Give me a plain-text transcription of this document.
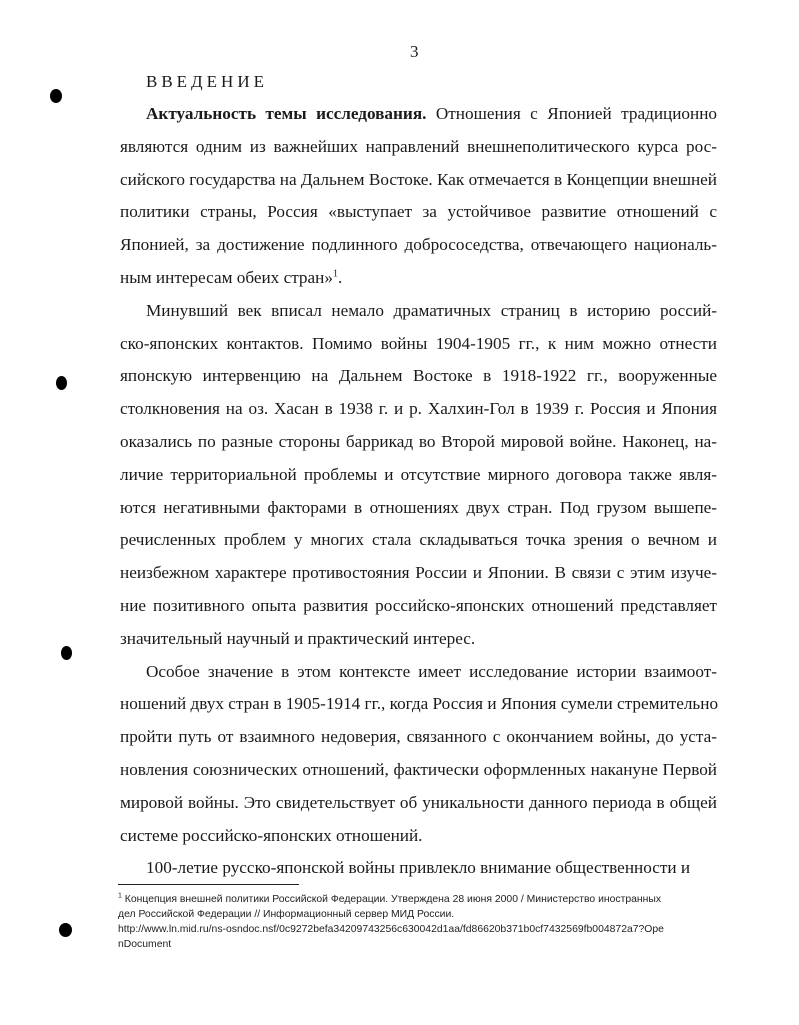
3
ВВЕДЕНИЕ
Актуальность темы исследования. Отношения с Японией традиционно
являются одним из важнейших направлений внешнеполитического курса рос-
сийского государства на Дальнем Востоке. Как отмечается в Концепции внешней
политики страны, Россия «выступает за устойчивое развитие отношений с
Японией, за достижение подлинного добрососедства, отвечающего националь-
ным интересам обеих стран»$^1$.
Минувший век вписал немало драматичных страниц в историю россий-
ско-японских контактов. Помимо войны 1904-1905 гг., к ним можно отнести
японскую интервенцию на Дальнем Востоке в 1918-1922 гг., вооруженные
столкновения на оз. Хасан в 1938 г. и р. Халхин-Гол в 1939 г. Россия и Япония
оказались по разные стороны баррикад во Второй мировой войне. Наконец, на-
личие территориальной проблемы и отсутствие мирного договора также явля-
ются негативными факторами в отношениях двух стран. Под грузом вышепе-
речисленных проблем у многих стала складываться точка зрения о вечном и
неизбежном характере противостояния России и Японии. В связи с этим изуче-
ние позитивного опыта развития российско-японских отношений представляет
значительный научный и практический интерес.
Особое значение в этом контексте имеет исследование истории взаимоот-
ношений двух стран в 1905-1914 гг., когда Россия и Япония сумели стремительно
пройти путь от взаимного недоверия, связанного с окончанием войны, до уста-
новления союзнических отношений, фактически оформленных накануне Первой
мировой войны. Это свидетельствует об уникальности данного периода в общей
системе российско-японских отношений.
100-летие русско-японской войны привлекло внимание общественности и
$^1$ Концепция внешней политики Российской Федерации. Утверждена 28 июня 2000 / Министерство иностранных
дел Российской Федерации // Информационный сервер МИД России.
http://www.ln.mid.ru/ns-osndoc.nsf/0c9272befa34209743256c630042d1aa/fd86620b371b0cf7432569fb004872a7?Ope
nDocument
